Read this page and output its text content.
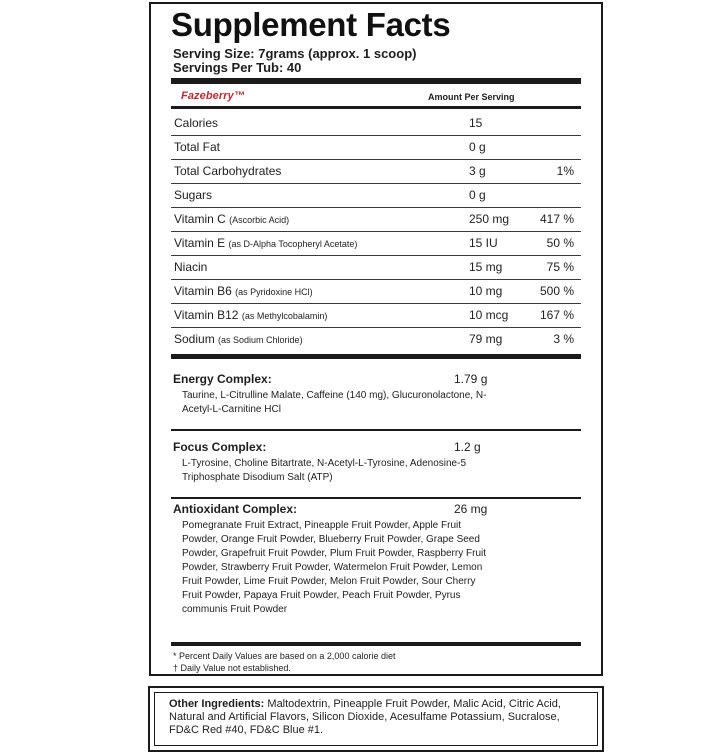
Supplement Facts
Serving Size: 7grams (approx. 1 scoop)
Servings Per Tub: 40
Fazeberry™	Amount Per Serving
Calories	15
Total Fat	0 g
Total Carbohydrates	3 g	1%
Sugars	0 g
Vitamin C (Ascorbic Acid)	250 mg	417 %
Vitamin E (as D-Alpha Tocopheryl Acetate)	15 IU	50 %
Niacin	15 mg	75 %
Vitamin B6 (as Pyridoxine HCl)	10 mg	500 %
Vitamin B12 (as Methylcobalamin)	10 mcg	167 %
Sodium (as Sodium Chloride)	79 mg	3 %
Energy Complex:	1.79 g
Taurine, L-Citrulline Malate, Caffeine (140 mg), Glucuronolactone, N-Acetyl-L-Carnitine HCl
Focus Complex:	1.2 g
L-Tyrosine, Choline Bitartrate, N-Acetyl-L-Tyrosine, Adenosine-5 Triphosphate Disodium Salt (ATP)
Antioxidant Complex:	26 mg
Pomegranate Fruit Extract, Pineapple Fruit Powder, Apple Fruit Powder, Orange Fruit Powder, Blueberry Fruit Powder, Grape Seed Powder, Grapefruit Fruit Powder, Plum Fruit Powder, Raspberry Fruit Powder, Strawberry Fruit Powder, Watermelon Fruit Powder, Lemon Fruit Powder, Lime Fruit Powder, Melon Fruit Powder, Sour Cherry Fruit Powder, Papaya Fruit Powder, Peach Fruit Powder, Pyrus communis Fruit Powder
* Percent Daily Values are based on a 2,000 calorie diet
† Daily Value not established.
Other Ingredients: Maltodextrin, Pineapple Fruit Powder, Malic Acid, Citric Acid, Natural and Artificial Flavors, Silicon Dioxide, Acesulfame Potassium, Sucralose, FD&C Red #40, FD&C Blue #1.
